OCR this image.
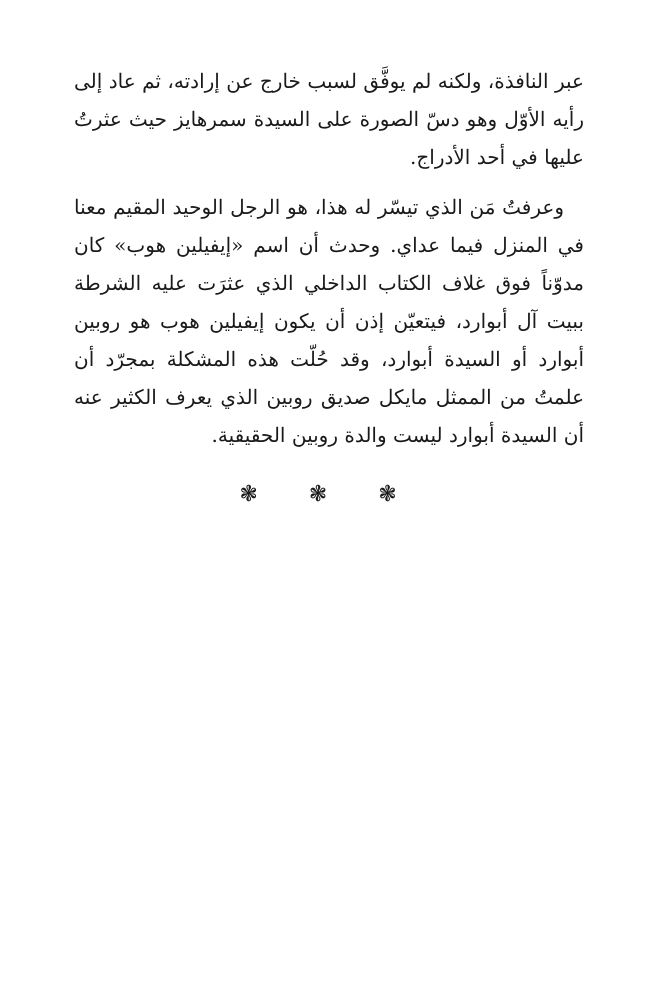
عبر النافذة، ولكنه لم يوفَّق لسبب خارج عن إرادته، ثم عاد إلى رأيه الأوّل وهو دسّ الصورة على السيدة سمرهايز حيث عثرتُ عليها في أحد الأدراج.

وعرفتُ مَن الذي تيسّر له هذا، هو الرجل الوحيد المقيم معنا في المنزل فيما عداي. وحدث أن اسم «إيفيلين هوب» كان مدوّناً فوق غلاف الكتاب الداخلي الذي عثرَت عليه الشرطة ببيت آل أبوارد، فيتعيّن إذن أن يكون إيفيلين هوب هو روبين أبوارد أو السيدة أبوارد، وقد حُلّت هذه المشكلة بمجرّد أن علمتُ من الممثل مايكل صديق روبين الذي يعرف الكثير عنه أن السيدة أبوارد ليست والدة روبين الحقيقية.

❃ ❃ ❃
